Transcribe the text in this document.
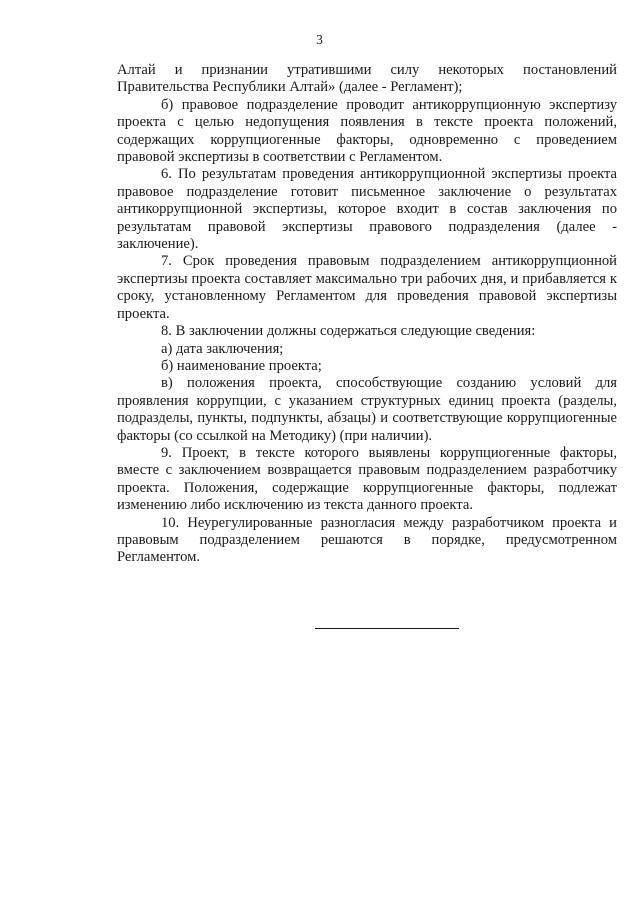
3

Алтай и признании утратившими силу некоторых постановлений Правительства Республики Алтай» (далее - Регламент);

б) правовое подразделение проводит антикоррупционную экспертизу проекта с целью недопущения появления в тексте проекта положений, содержащих коррупциогенные факторы, одновременно с проведением правовой экспертизы в соответствии с Регламентом.

6. По результатам проведения антикоррупционной экспертизы проекта правовое подразделение готовит письменное заключение о результатах антикоррупционной экспертизы, которое входит в состав заключения по результатам правовой экспертизы правового подразделения (далее - заключение).

7. Срок проведения правовым подразделением антикоррупционной экспертизы проекта составляет максимально три рабочих дня, и прибавляется к сроку, установленному Регламентом для проведения правовой экспертизы проекта.

8. В заключении должны содержаться следующие сведения:

а) дата заключения;

б) наименование проекта;

в) положения проекта, способствующие созданию условий для проявления коррупции, с указанием структурных единиц проекта (разделы, подразделы, пункты, подпункты, абзацы) и соответствующие коррупциогенные факторы (со ссылкой на Методику) (при наличии).

9. Проект, в тексте которого выявлены коррупциогенные факторы, вместе с заключением возвращается правовым подразделением разработчику проекта. Положения, содержащие коррупциогенные факторы, подлежат изменению либо исключению из текста данного проекта.

10. Неурегулированные разногласия между разработчиком проекта и правовым подразделением решаются в порядке, предусмотренном Регламентом.
